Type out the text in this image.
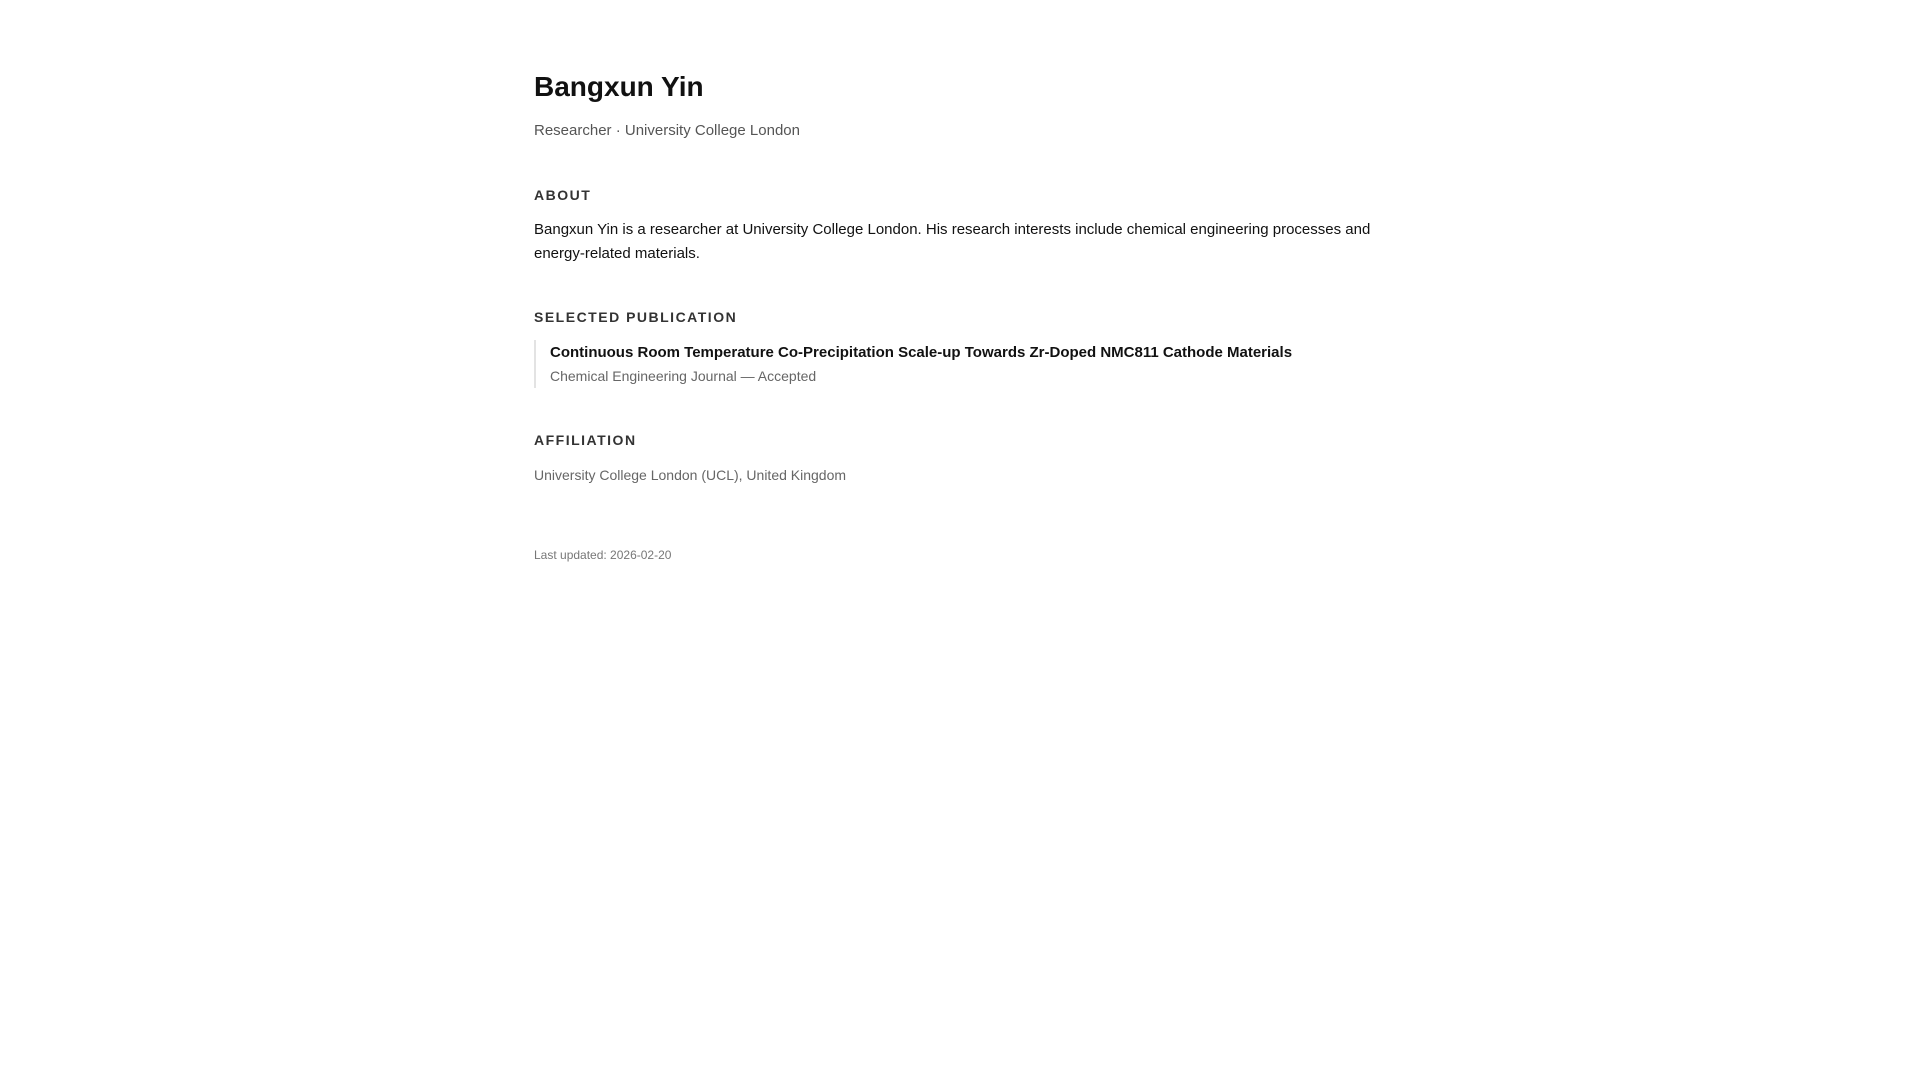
Bangxun Yin

Researcher · University College London

ABOUT

Bangxun Yin is a researcher at University College London. His research interests include chemical engineering processes and energy-related materials.

SELECTED PUBLICATION

Continuous Room Temperature Co-Precipitation Scale-up Towards Zr-Doped NMC811 Cathode Materials

Chemical Engineering Journal — Accepted

AFFILIATION

University College London (UCL), United Kingdom

Last updated: 2026-02-20
